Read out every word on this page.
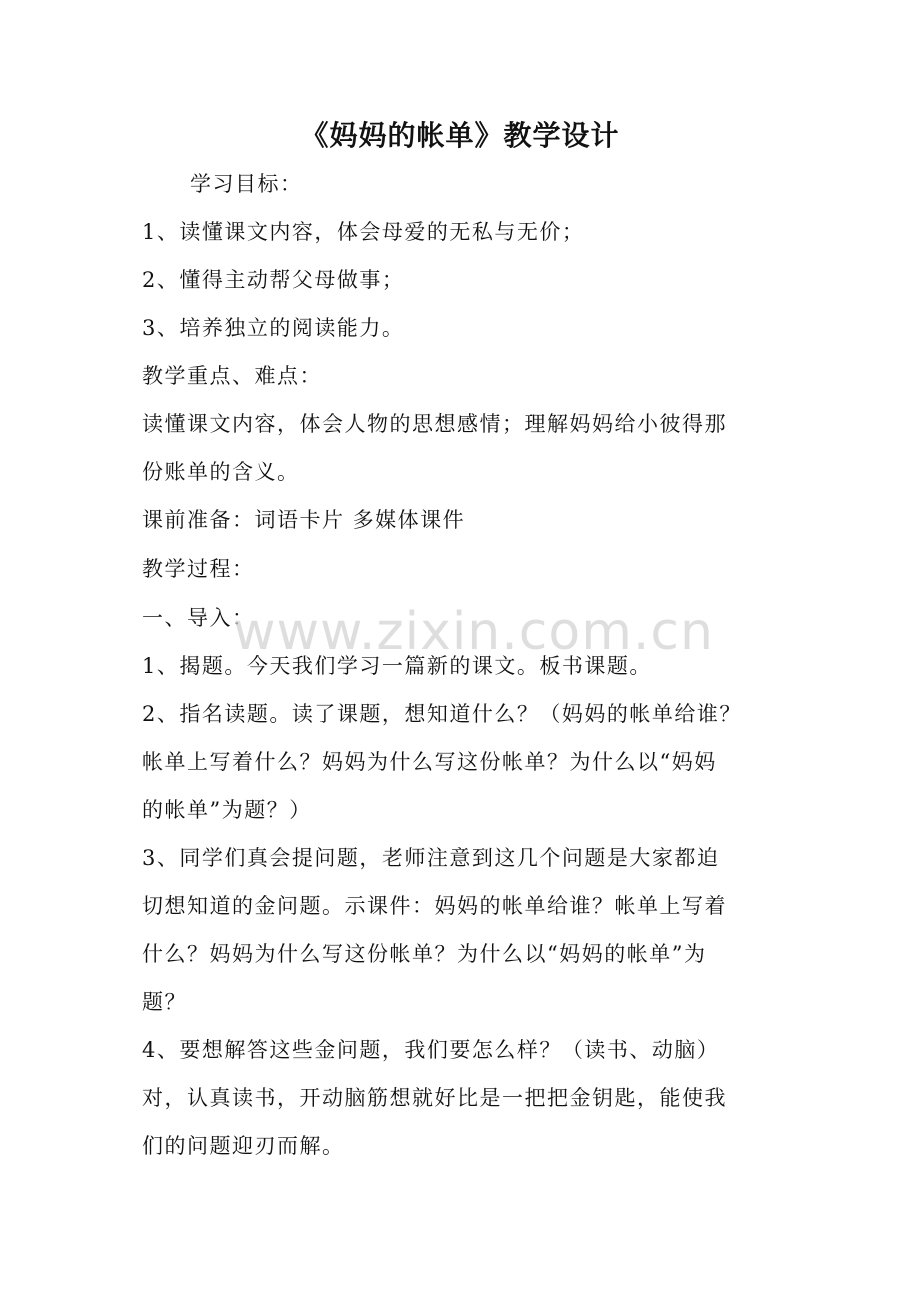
《妈妈的帐单》教学设计
学习目标：
1、读懂课文内容，体会母爱的无私与无价；
2、懂得主动帮父母做事；
3、培养独立的阅读能力。
教学重点、难点：
读懂课文内容，体会人物的思想感情；理解妈妈给小彼得那
份账单的含义。
课前准备：词语卡片 多媒体课件
教学过程：
一、导入：
1、揭题。今天我们学习一篇新的课文。板书课题。
2、指名读题。读了课题，想知道什么？（妈妈的帐单给谁？
帐单上写着什么？妈妈为什么写这份帐单？为什么以“妈妈
的帐单”为题？）
3、同学们真会提问题，老师注意到这几个问题是大家都迫
切想知道的金问题。示课件：妈妈的帐单给谁？帐单上写着
什么？妈妈为什么写这份帐单？为什么以“妈妈的帐单”为
题？
4、要想解答这些金问题，我们要怎么样？（读书、动脑）
对，认真读书，开动脑筋想就好比是一把把金钥匙，能使我
们的问题迎刃而解。
www.zixin.com.cn
